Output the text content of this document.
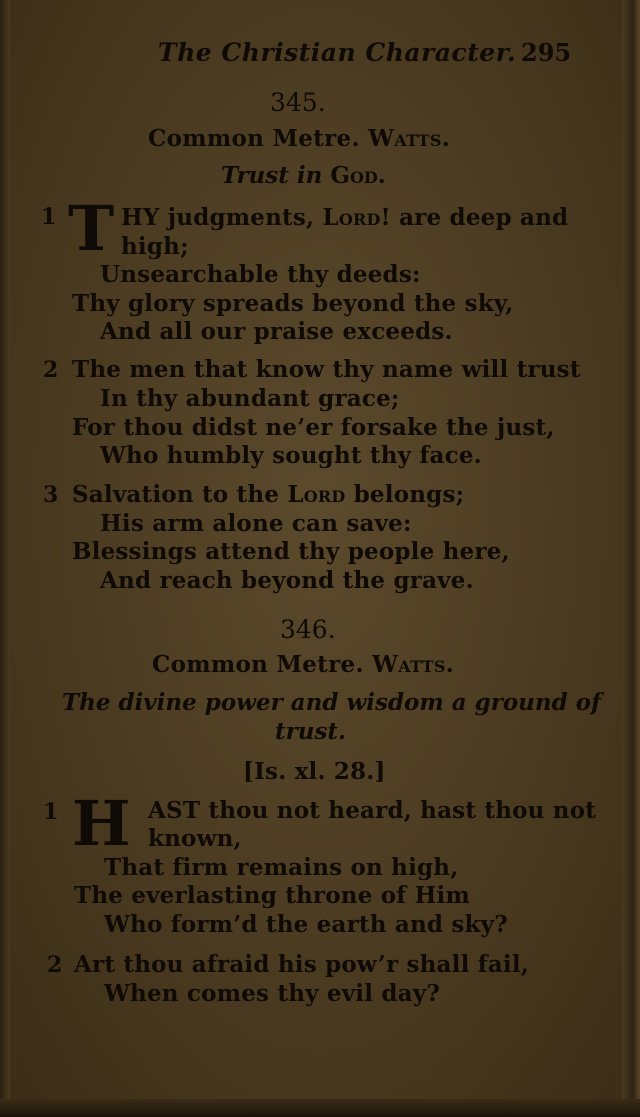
The Christian Character. 295
345.
Common Metre. Watts.
Trust in God.
1 T HY judgments, Lord! are deep and
high;
Unsearchable thy deeds:
Thy glory spreads beyond the sky,
And all our praise exceeds.
2 The men that know thy name will trust
In thy abundant grace;
For thou didst ne’er forsake the just,
Who humbly sought thy face.
3 Salvation to the Lord belongs;
His arm alone can save:
Blessings attend thy people here,
And reach beyond the grave.
346.
Common Metre. Watts.
The divine power and wisdom a ground of
trust.
[Is. xl. 28.]
1 H AST thou not heard, hast thou not
known,
That firm remains on high,
The everlasting throne of Him
Who form’d the earth and sky?
2 Art thou afraid his pow’r shall fail,
When comes thy evil day?
